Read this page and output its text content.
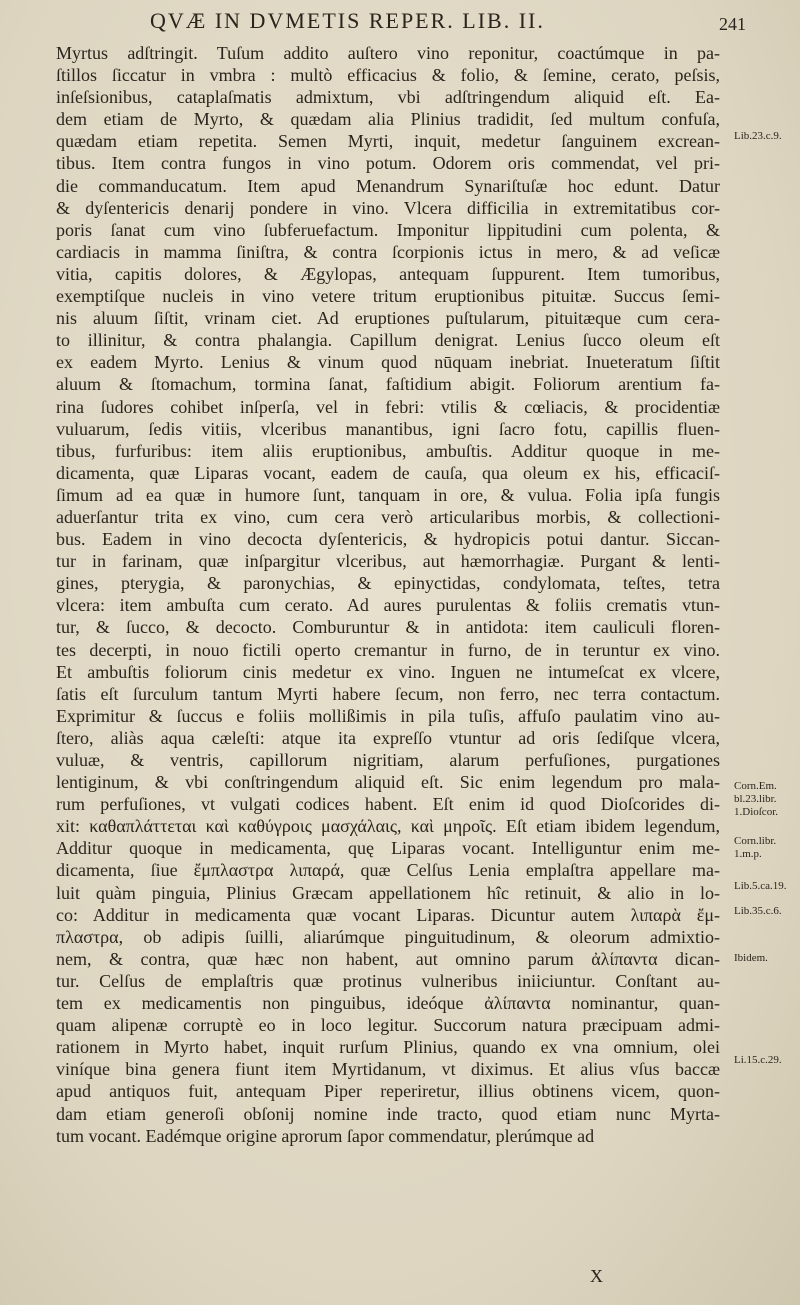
QVÆ IN DVMETIS REPER. LIB. II.	241
Myrtus adſtringit. Tuſum addito auſtero vino reponitur, coactúmque in pa-
ſtillos ſiccatur in vmbra : multò efficacius & folio, & ſemine, cerato, peſsis,
inſeſsionibus, cataplaſmatis admixtum, vbi adſtringendum aliquid eſt. Ea-
dem etiam de Myrto, & quædam alia Plinius tradidit, ſed multum confuſa,
quædam etiam repetita. Semen Myrti, inquit, medetur ſanguinem excrean-
tibus. Item contra fungos in vino potum. Odorem oris commendat, vel pri-
die commanducatum. Item apud Menandrum Synariſtuſæ hoc edunt. Datur
& dyſentericis denarij pondere in vino. Vlcera difficilia in extremitatibus cor-
poris ſanat cum vino ſubferuefactum. Imponitur lippitudini cum polenta, &
cardiacis in mamma ſiniſtra, & contra ſcorpionis ictus in mero, & ad veſicæ
vitia, capitis dolores, & Ægylopas, antequam ſuppurent. Item tumoribus,
exemptiſque nucleis in vino vetere tritum eruptionibus pituitæ. Succus ſemi-
nis aluum ſiſtit, vrinam ciet. Ad eruptiones puſtularum, pituitæque cum cera-
to illinitur, & contra phalangia. Capillum denigrat. Lenius ſucco oleum eſt
ex eadem Myrto. Lenius & vinum quod nūquam inebriat. Inueteratum ſiſtit
aluum & ſtomachum, tormina ſanat, faſtidium abigit. Foliorum arentium fa-
rina ſudores cohibet inſperſa, vel in febri: vtilis & cœliacis, & procidentiæ
vuluarum, ſedis vitiis, vlceribus manantibus, igni ſacro fotu, capillis fluen-
tibus, furfuribus: item aliis eruptionibus, ambuſtis. Additur quoque in me-
dicamenta, quæ Liparas vocant, eadem de cauſa, qua oleum ex his, efficaciſ-
ſimum ad ea quæ in humore ſunt, tanquam in ore, & vulua. Folia ipſa fungis
aduerſantur trita ex vino, cum cera verò articularibus morbis, & collectioni-
bus. Eadem in vino decocta dyſentericis, & hydropicis potui dantur. Siccan-
tur in farinam, quæ inſpargitur vlceribus, aut hæmorrhagiæ. Purgant & lenti-
gines, pterygia, & paronychias, & epinyctidas, condylomata, teſtes, tetra
vlcera: item ambuſta cum cerato. Ad aures purulentas & foliis crematis vtun-
tur, & ſucco, & decocto. Comburuntur & in antidota: item cauliculi floren-
tes decerpti, in nouo fictili operto cremantur in furno, de in teruntur ex vino.
Et ambuſtis foliorum cinis medetur ex vino. Inguen ne intumeſcat ex vlcere,
ſatis eſt ſurculum tantum Myrti habere ſecum, non ferro, nec terra contactum.
Exprimitur & ſuccus e foliis mollißimis in pila tuſis, affuſo paulatim vino au-
ſtero, aliàs aqua cæleſti: atque ita expreſſo vtuntur ad oris ſediſque vlcera,
vuluæ, & ventris, capillorum nigritiam, alarum perfuſiones, purgationes
lentiginum, & vbi conſtringendum aliquid eſt. Sic enim legendum pro mala-
rum perfuſiones, vt vulgati codices habent. Eſt enim id quod Dioſcorides di-
xit: καθαπλάττεται καὶ καθύγροις μασχάλαις, καὶ μηροῖς. Eſt etiam ibidem legendum,
Additur quoque in medicamenta, quę Liparas vocant. Intelliguntur enim me-
dicamenta, ſiue ἔμπλαστρα λιπαρά, quæ Celſus Lenia emplaſtra appellare ma-
luit quàm pinguia, Plinius Græcam appellationem hîc retinuit, & alio in lo-
co: Additur in medicamenta quæ vocant Liparas. Dicuntur autem λιπαρὰ ἔμ-
πλαστρα, ob adipis ſuilli, aliarúmque pinguitudinum, & oleorum admixtio-
nem, & contra, quæ hæc non habent, aut omnino parum ἀλίπαντα dican-
tur. Celſus de emplaſtris quæ protinus vulneribus iniiciuntur. Conſtant au-
tem ex medicamentis non pinguibus, ideóque ἀλίπαντα nominantur, quan-
quam alipenæ corruptè eo in loco legitur. Succorum natura præcipuam admi-
rationem in Myrto habet, inquit rurſum Plinius, quando ex vna omnium, olei
viníque bina genera fiunt item Myrtidanum, vt diximus. Et alius vſus baccæ
apud antiquos fuit, antequam Piper reperiretur, illius obtinens vicem, quon-
dam etiam generoſi obſonij nomine inde tracto, quod etiam nunc Myrta-
tum vocant. Eadémque origine aprorum ſapor commendatur, plerúmque ad
X
Lib.23.c.9.
Corn.Em. bl.23.libr. 1.Dioſcor.
Corn.libr. 1.m.p.
Lib.5.ca.19.
Lib.35.c.6.
Ibidem.
Li.15.c.29.
